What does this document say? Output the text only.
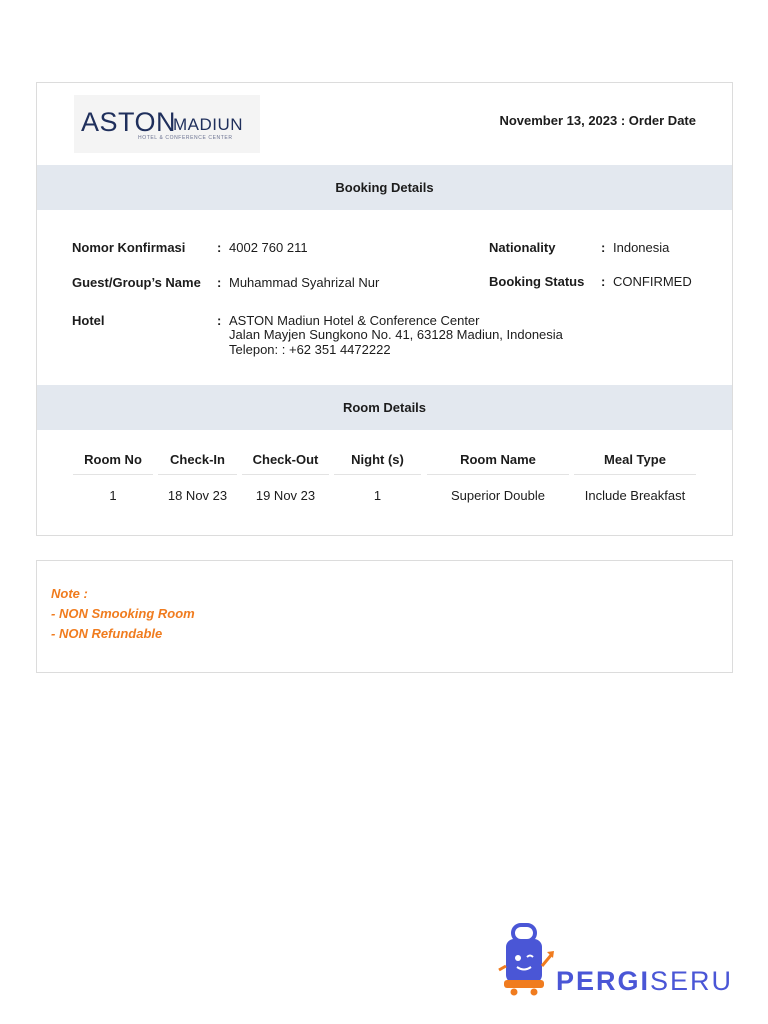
ASTON
MADIUN
HOTEL & CONFERENCE CENTER
November 13, 2023 : Order Date
Booking Details
Nomor Konfirmasi : 4002 760 211
Guest/Group’s Name : Muhammad Syahrizal Nur
Hotel	: ASTON Madiun Hotel & Conference Center
Jalan Mayjen Sungkono No. 41, 63128 Madiun, Indonesia
Telepon: : +62 351 4472222
Nationality	: Indonesia
Booking Status : CONFIRMED
Room Details
Room No	Check-In	Check-Out	Night (s)	Room Name	Meal Type
1	18 Nov 23	19 Nov 23	1	Superior Double	Include Breakfast
Note :
- NON Smooking Room
- NON Refundable
PERGISERU
